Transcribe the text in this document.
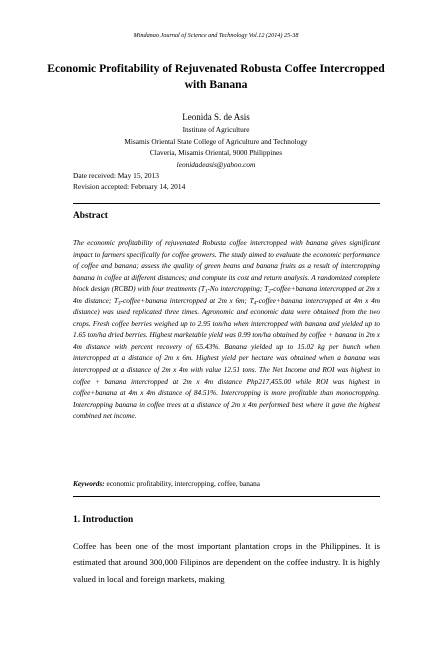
Mindanao Journal of Science and Technology Vol.12 (2014) 25-38
Economic Profitability of Rejuvenated Robusta Coffee Intercropped with Banana
Leonida S. de Asis
Institute of Agriculture
Misamis Oriental State College of Agriculture and Technology
Claveria, Misamis Oriental, 9000 Philippines
leonidadeasis@yahoo.com
Date received: May 15, 2013
Revision accepted: February 14, 2014
Abstract

The economic profitability of rejuvenated Robusta coffee intercropped with banana gives significant impact to farmers specifically for coffee growers. The study aimed to evaluate the economic performance of coffee and banana; assess the quality of green beans and banana fruits as a result of intercropping banana in coffee at different distances; and compute its cost and return analysis. A randomized complete block design (RCBD) with four treatments ($T_1-No$ intercropping; $T_2-coffee+banana$ intercropped at 2m x 4m distance; $T_3-coffee+banana$ intercropped at 2m x 6m; $T_4-coffee+banana$ intercropped at 4m x 4m distance) was used replicated three times. Agronomic and economic data were obtained from the two crops. Fresh coffee berries weighed up to 2.95 ton/ha when intercropped with banana and yielded up to 1.65 ton/ha dried berries. Highest marketable yield was 0.99 ton/ha obtained by coffee + banana in 2m x 4m distance with percent recovery of 65.43%. Banana yielded up to 15.02 kg per bunch when intercropped at a distance of 2m x 6m. Highest yield per hectare was obtained when a banana was intercropped at a distance of 2m x 4m with value 12.51 tons. The Net Income and ROI was highest in coffee + banana intercropped at 2m x 4m distance Php217,455.00 while ROI was highest in coffee+banana at 4m x 4m distance of 84.51%. Intercropping is more profitable than monocropping. Intercropping banana in coffee trees at a distance of 2m x 4m performed best where it gave the highest combined net income.

Keywords: economic profitability, intercropping, coffee, banana
1. Introduction

Coffee has been one of the most important plantation crops in the Philippines. It is estimated that around 300,000 Filipinos are dependent on the coffee industry. It is highly valued in local and foreign markets, making
